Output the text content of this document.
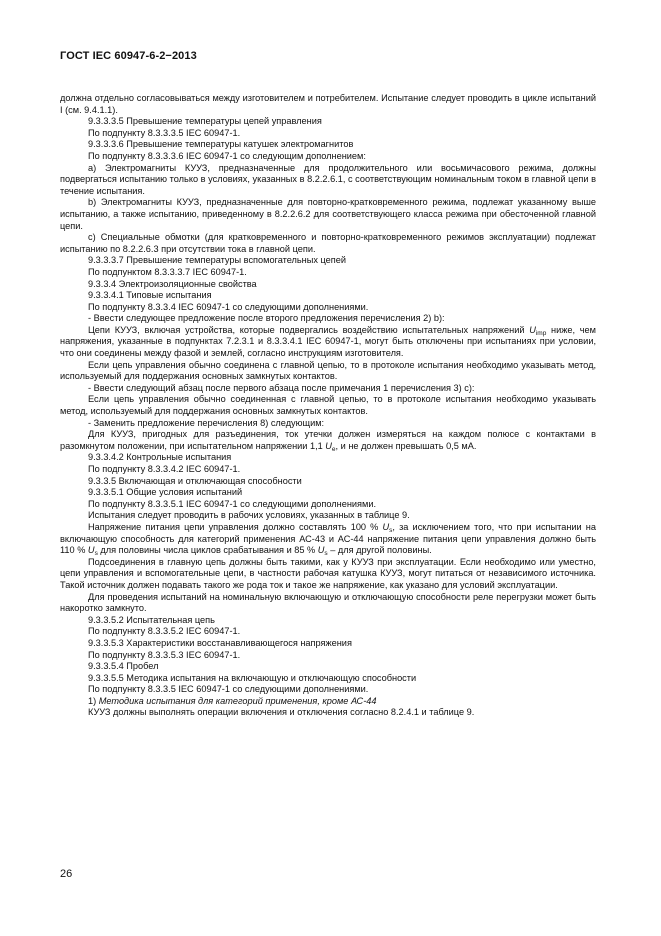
ГОСТ IEC 60947-6-2−2013

должна отдельно согласовываться между изготовителем и потребителем. Испытание следует проводить в цикле испытаний I (см. 9.4.1.1).

9.3.3.3.5 Превышение температуры цепей управления

По подпункту 8.3.3.3.5 IEC 60947-1.

9.3.3.3.6 Превышение температуры катушек электромагнитов

По подпункту 8.3.3.3.6 IEC 60947-1 со следующим дополнением:

a) Электромагниты КУУЗ, предназначенные для продолжительного или восьмичасового режима, должны подвергаться испытанию только в условиях, указанных в 8.2.2.6.1, с соответствующим номинальным током в главной цепи в течение испытания.

b) Электромагниты КУУЗ, предназначенные для повторно-кратковременного режима, подлежат указанному выше испытанию, а также испытанию, приведенному в 8.2.2.6.2 для соответствующего класса режима при обесточенной главной цепи.

c) Специальные обмотки (для кратковременного и повторно-кратковременного режимов эксплуатации) подлежат испытанию по 8.2.2.6.3 при отсутствии тока в главной цепи.

9.3.3.3.7 Превышение температуры вспомогательных цепей

По подпунктом 8.3.3.3.7 IEC 60947-1.

9.3.3.4 Электроизоляционные свойства

9.3.3.4.1 Типовые испытания

По подпункту 8.3.3.4 IEC 60947-1 со следующими дополнениями.

- Ввести следующее предложение после второго предложения перечисления 2) b):

Цепи КУУЗ, включая устройства, которые подвергались воздействию испытательных напряжений $U_{imp}$ ниже, чем напряжения, указанные в подпунктах 7.2.3.1 и 8.3.3.4.1 IEC 60947-1, могут быть отключены при испытаниях при условии, что они соединены между фазой и землей, согласно инструкциям изготовителя.

Если цепь управления обычно соединена с главной цепью, то в протоколе испытания необходимо указывать метод, используемый для поддержания основных замкнутых контактов.

- Ввести следующий абзац после первого абзаца после примечания 1 перечисления 3) с):

Если цепь управления обычно соединенная с главной цепью, то в протоколе испытания необходимо указывать метод, используемый для поддержания основных замкнутых контактов.

- Заменить предложение перечисления 8) следующим:

Для КУУЗ, пригодных для разъединения, ток утечки должен измеряться на каждом полюсе с контактами в разомкнутом положении, при испытательном напряжении 1,1 $U_e$, и не должен превышать 0,5 мА.

9.3.3.4.2 Контрольные испытания

По подпункту 8.3.3.4.2 IEC 60947-1.

9.3.3.5 Включающая и отключающая способности

9.3.3.5.1 Общие условия испытаний

По подпункту 8.3.3.5.1 IEC 60947-1 со следующими дополнениями.

Испытания следует проводить в рабочих условиях, указанных в таблице 9.

Напряжение питания цепи управления должно составлять 100 % $U_s$, за исключением того, что при испытании на включающую способность для категорий применения АС-43 и АС-44 напряжение питания цепи управления должно быть 110 % $U_s$ для половины числа циклов срабатывания и 85 % $U_s$ – для другой половины.

Подсоединения в главную цепь должны быть такими, как у КУУЗ при эксплуатации. Если необходимо или уместно, цепи управления и вспомогательные цепи, в частности рабочая катушка КУУЗ, могут питаться от независимого источника. Такой источник должен подавать такого же рода ток и такое же напряжение, как указано для условий эксплуатации.

Для проведения испытаний на номинальную включающую и отключающую способности реле перегрузки может быть накоротко замкнуто.

9.3.3.5.2 Испытательная цепь

По подпункту 8.3.3.5.2 IEC 60947-1.

9.3.3.5.3 Характеристики восстанавливающегося напряжения

По подпункту 8.3.3.5.3 IEC 60947-1.

9.3.3.5.4 Пробел

9.3.3.5.5 Методика испытания на включающую и отключающую способности

По подпункту 8.3.3.5 IEC 60947-1 со следующими дополнениями.

1) Методика испытания для категорий применения, кроме АС-44

КУУЗ должны выполнять операции включения и отключения согласно 8.2.4.1 и таблице 9.

26
